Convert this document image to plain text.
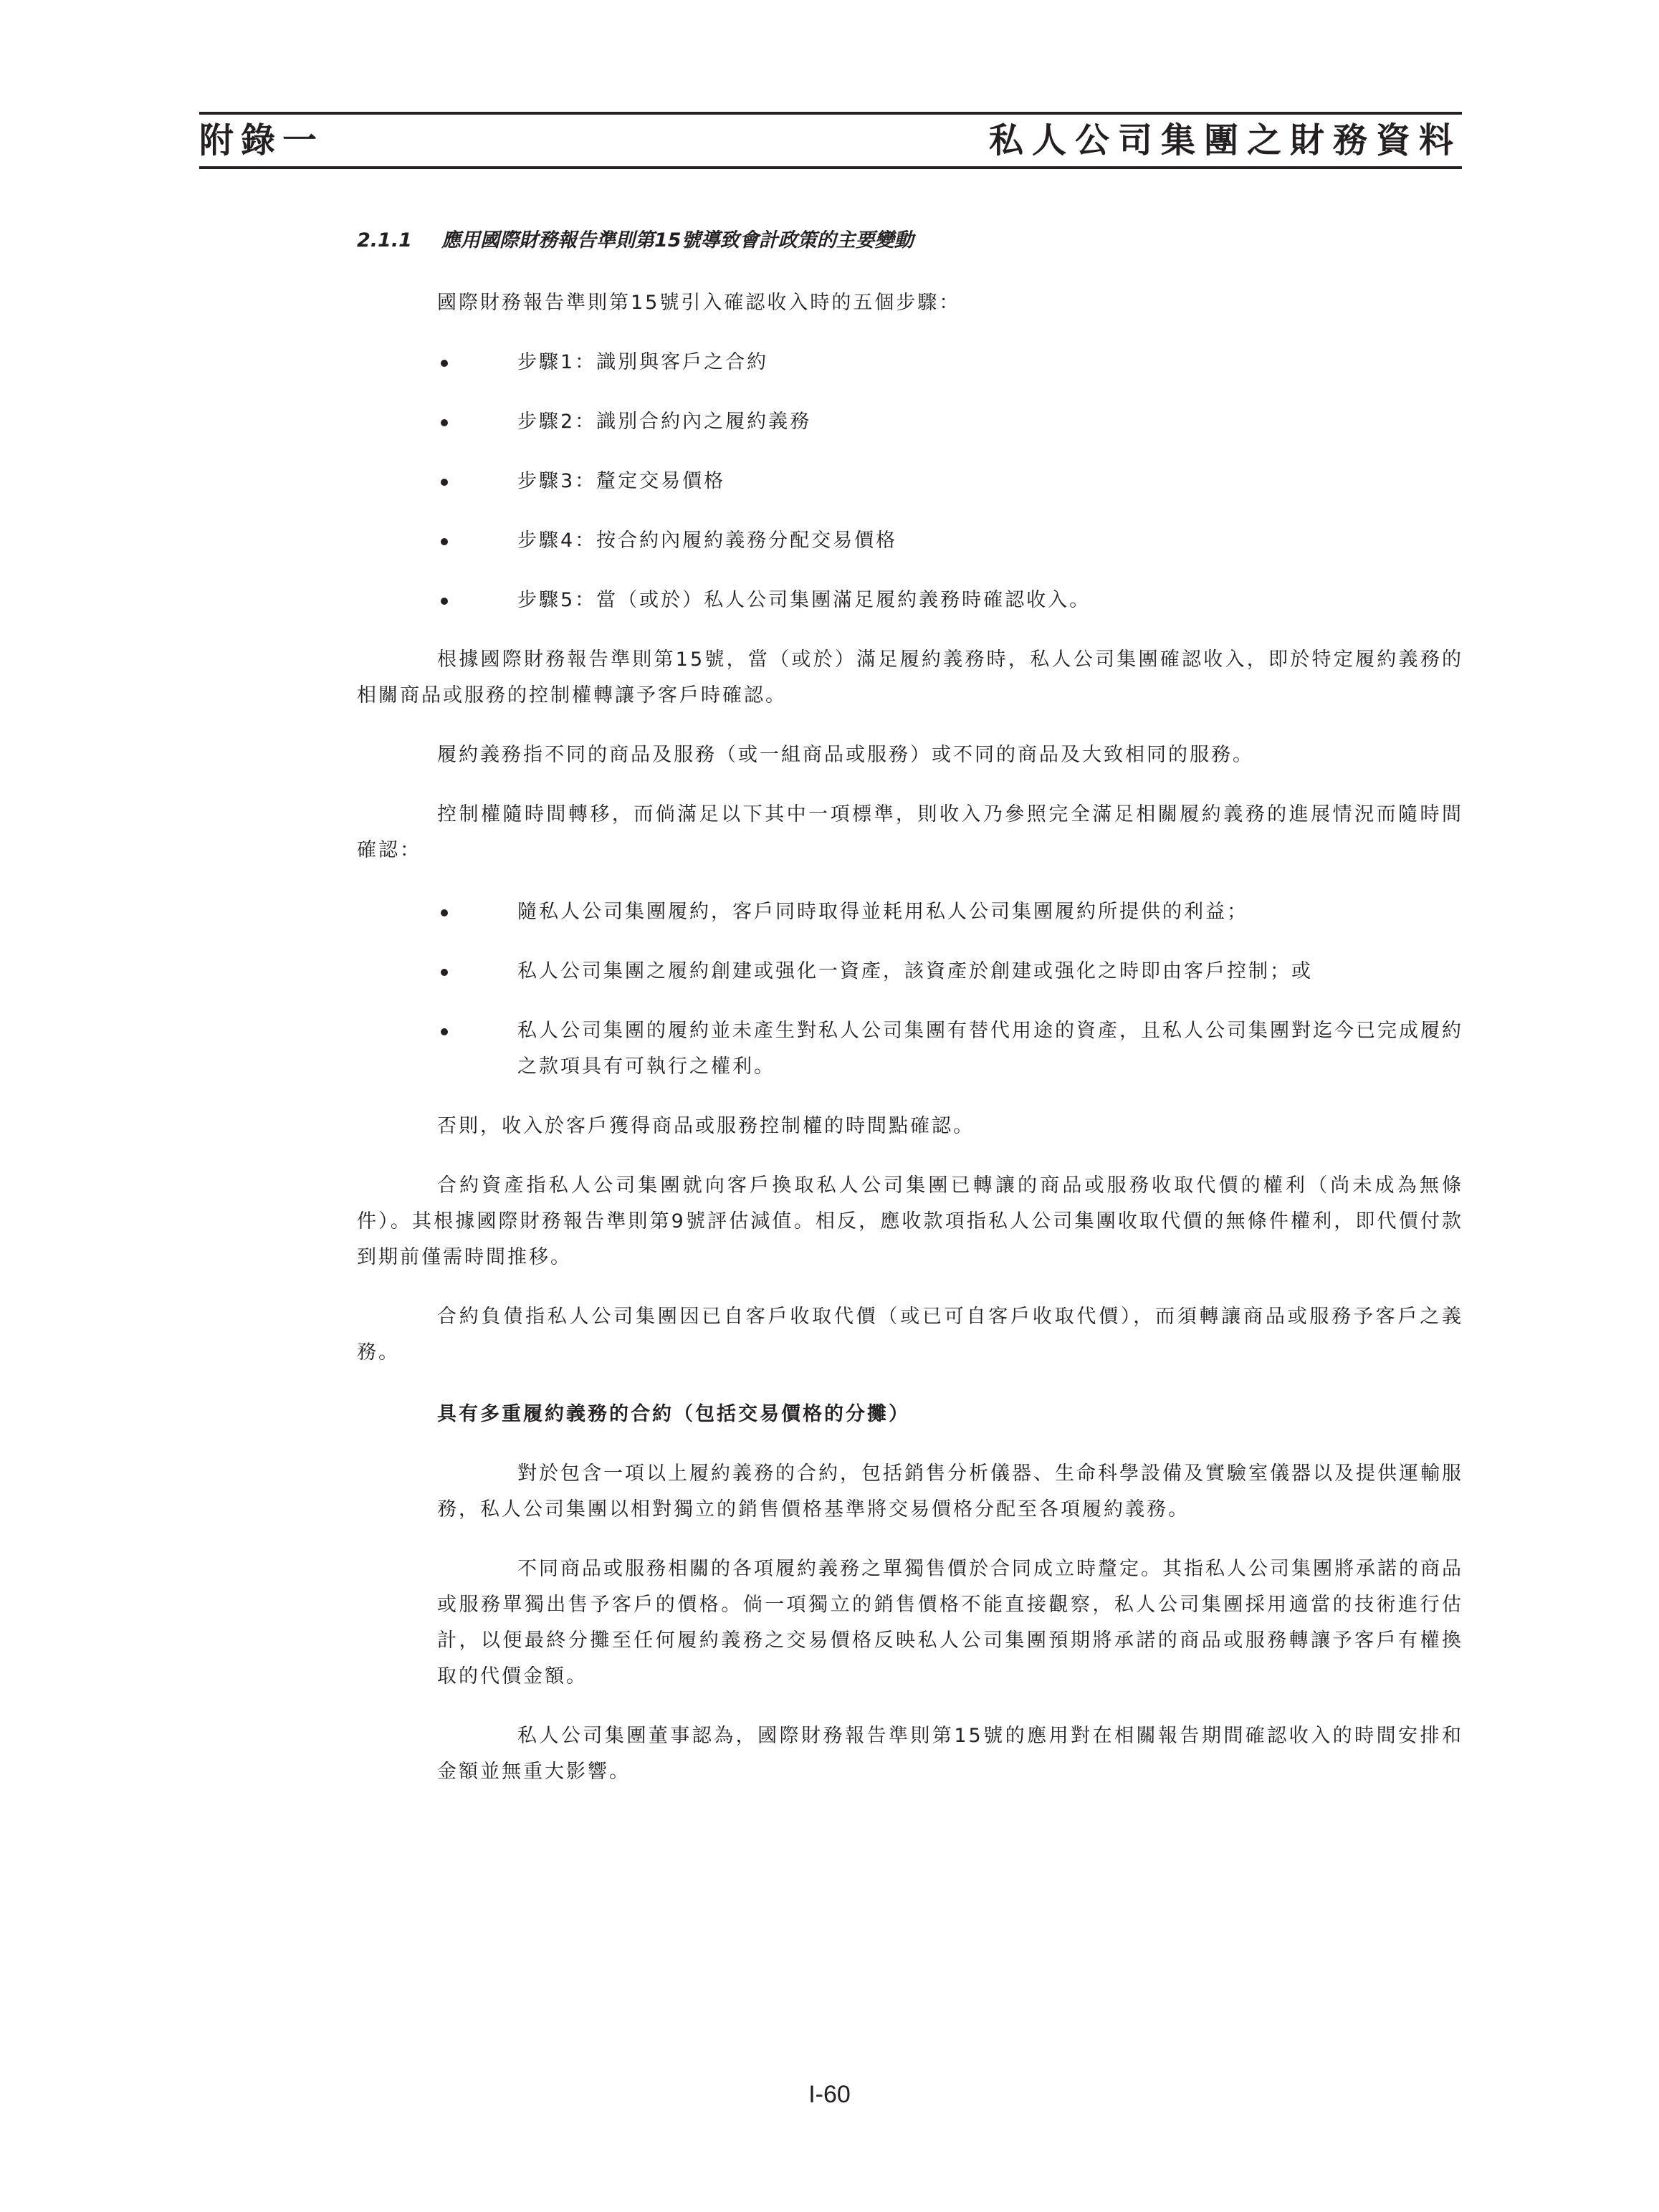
附錄一	私人公司集團之財務資料
2.1.1	應用國際財務報告準則第15號導致會計政策的主要變動

國際財務報告準則第15號引入確認收入時的五個步驟：

步驟1：識別與客戶之合約
步驟2：識別合約內之履約義務
步驟3：釐定交易價格
步驟4：按合約內履約義務分配交易價格
步驟5：當（或於）私人公司集團滿足履約義務時確認收入。

根據國際財務報告準則第15號，當（或於）滿足履約義務時，私人公司集團確認收入，即於特定履約義務的相關商品或服務的控制權轉讓予客戶時確認。

履約義務指不同的商品及服務（或一組商品或服務）或不同的商品及大致相同的服務。

控制權隨時間轉移，而倘滿足以下其中一項標準，則收入乃參照完全滿足相關履約義務的進展情況而隨時間確認：

隨私人公司集團履約，客戶同時取得並耗用私人公司集團履約所提供的利益；
私人公司集團之履約創建或强化一資產，該資產於創建或强化之時即由客戶控制；或
私人公司集團的履約並未產生對私人公司集團有替代用途的資產，且私人公司集團對迄今已完成履約之款項具有可執行之權利。

否則，收入於客戶獲得商品或服務控制權的時間點確認。

合約資產指私人公司集團就向客戶換取私人公司集團已轉讓的商品或服務收取代價的權利（尚未成為無條件）。其根據國際財務報告準則第9號評估減值。相反，應收款項指私人公司集團收取代價的無條件權利，即代價付款到期前僅需時間推移。

合約負債指私人公司集團因已自客戶收取代價（或已可自客戶收取代價），而須轉讓商品或服務予客戶之義務。

具有多重履約義務的合約（包括交易價格的分攤）

對於包含一項以上履約義務的合約，包括銷售分析儀器、生命科學設備及實驗室儀器以及提供運輸服務，私人公司集團以相對獨立的銷售價格基準將交易價格分配至各項履約義務。

不同商品或服務相關的各項履約義務之單獨售價於合同成立時釐定。其指私人公司集團將承諾的商品或服務單獨出售予客戶的價格。倘一項獨立的銷售價格不能直接觀察，私人公司集團採用適當的技術進行估計，以便最終分攤至任何履約義務之交易價格反映私人公司集團預期將承諾的商品或服務轉讓予客戶有權換取的代價金額。

私人公司集團董事認為，國際財務報告準則第15號的應用對在相關報告期間確認收入的時間安排和金額並無重大影響。

I-60
